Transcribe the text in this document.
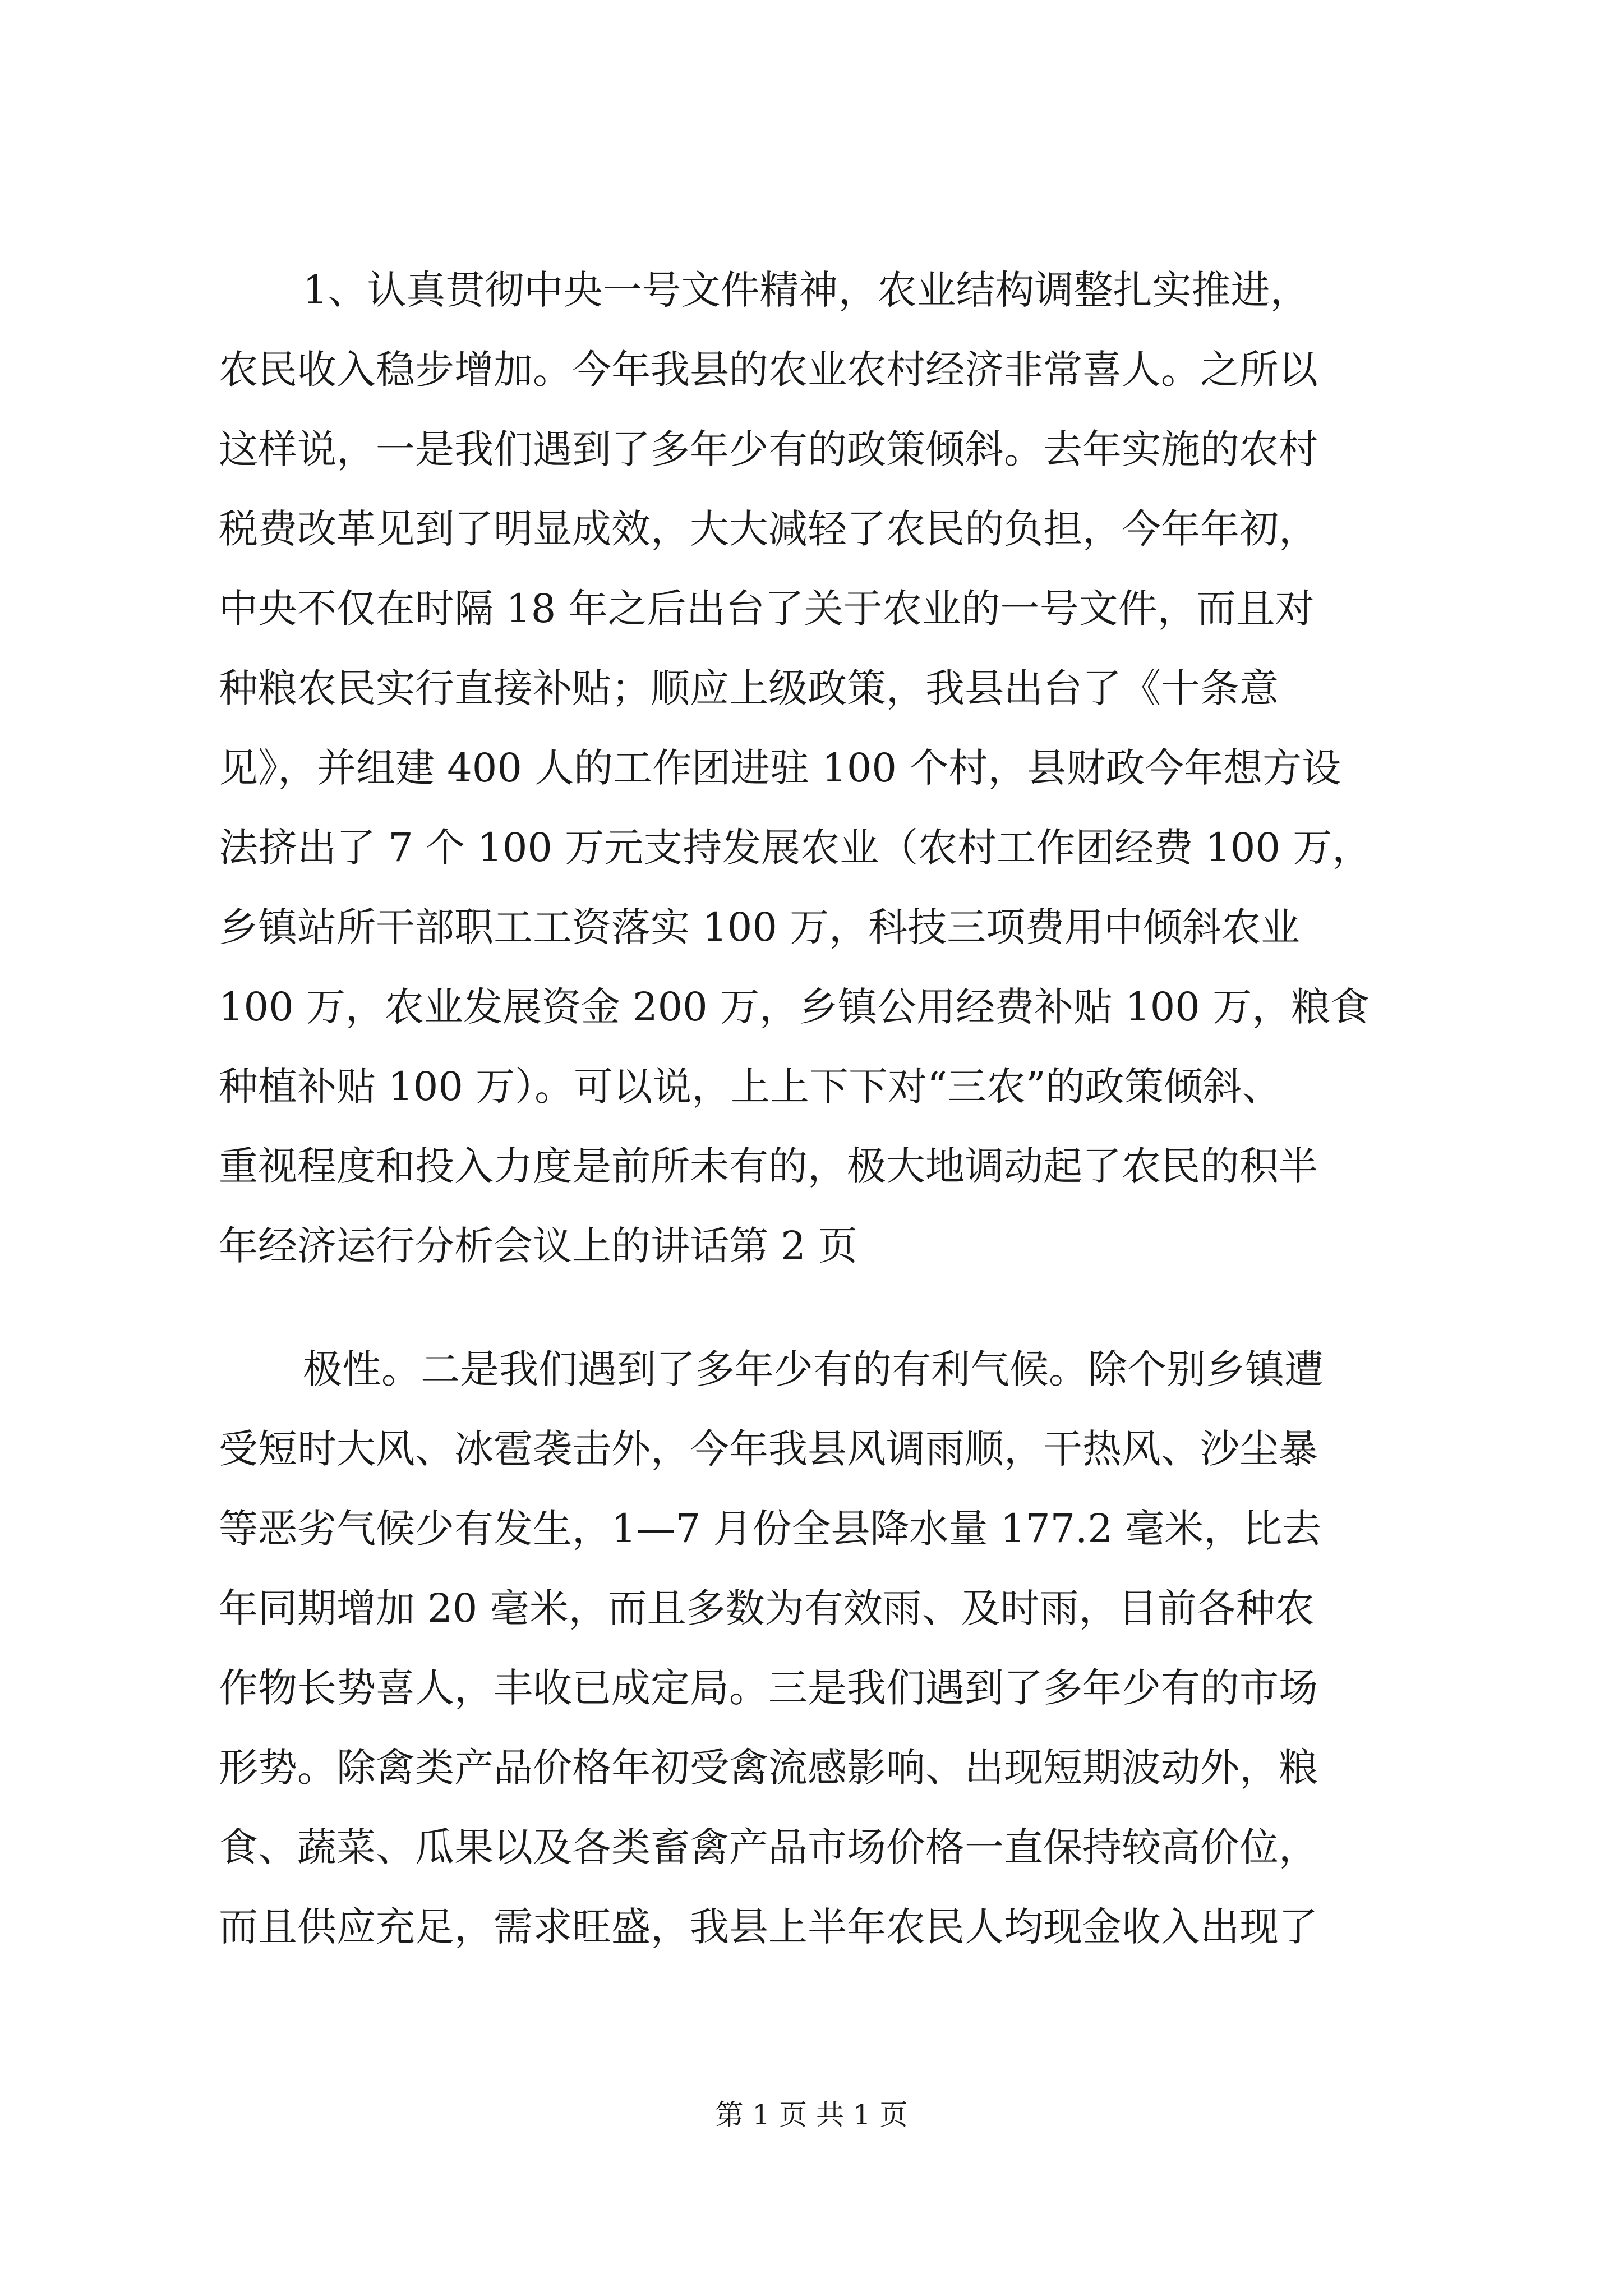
1、认真贯彻中央一号文件精神，农业结构调整扎实推进，
农民收入稳步增加。今年我县的农业农村经济非常喜人。之所以
这样说，一是我们遇到了多年少有的政策倾斜。去年实施的农村
税费改革见到了明显成效，大大减轻了农民的负担，今年年初，
中央不仅在时隔 18 年之后出台了关于农业的一号文件，而且对
种粮农民实行直接补贴；顺应上级政策，我县出台了《十条意
见》，并组建 400 人的工作团进驻 100 个村，县财政今年想方设
法挤出了 7 个 100 万元支持发展农业（农村工作团经费 100 万，
乡镇站所干部职工工资落实 100 万，科技三项费用中倾斜农业
100 万，农业发展资金 200 万，乡镇公用经费补贴 100 万，粮食
种植补贴 100 万）。可以说，上上下下对“三农”的政策倾斜、
重视程度和投入力度是前所未有的，极大地调动起了农民的积半
年经济运行分析会议上的讲话第 2 页
极性。二是我们遇到了多年少有的有利气候。除个别乡镇遭
受短时大风、冰雹袭击外，今年我县风调雨顺，干热风、沙尘暴
等恶劣气候少有发生，1—7 月份全县降水量 177.2 毫米，比去
年同期增加 20 毫米，而且多数为有效雨、及时雨，目前各种农
作物长势喜人，丰收已成定局。三是我们遇到了多年少有的市场
形势。除禽类产品价格年初受禽流感影响、出现短期波动外，粮
食、蔬菜、瓜果以及各类畜禽产品市场价格一直保持较高价位，
而且供应充足，需求旺盛，我县上半年农民人均现金收入出现了
第 1 页 共 1 页
